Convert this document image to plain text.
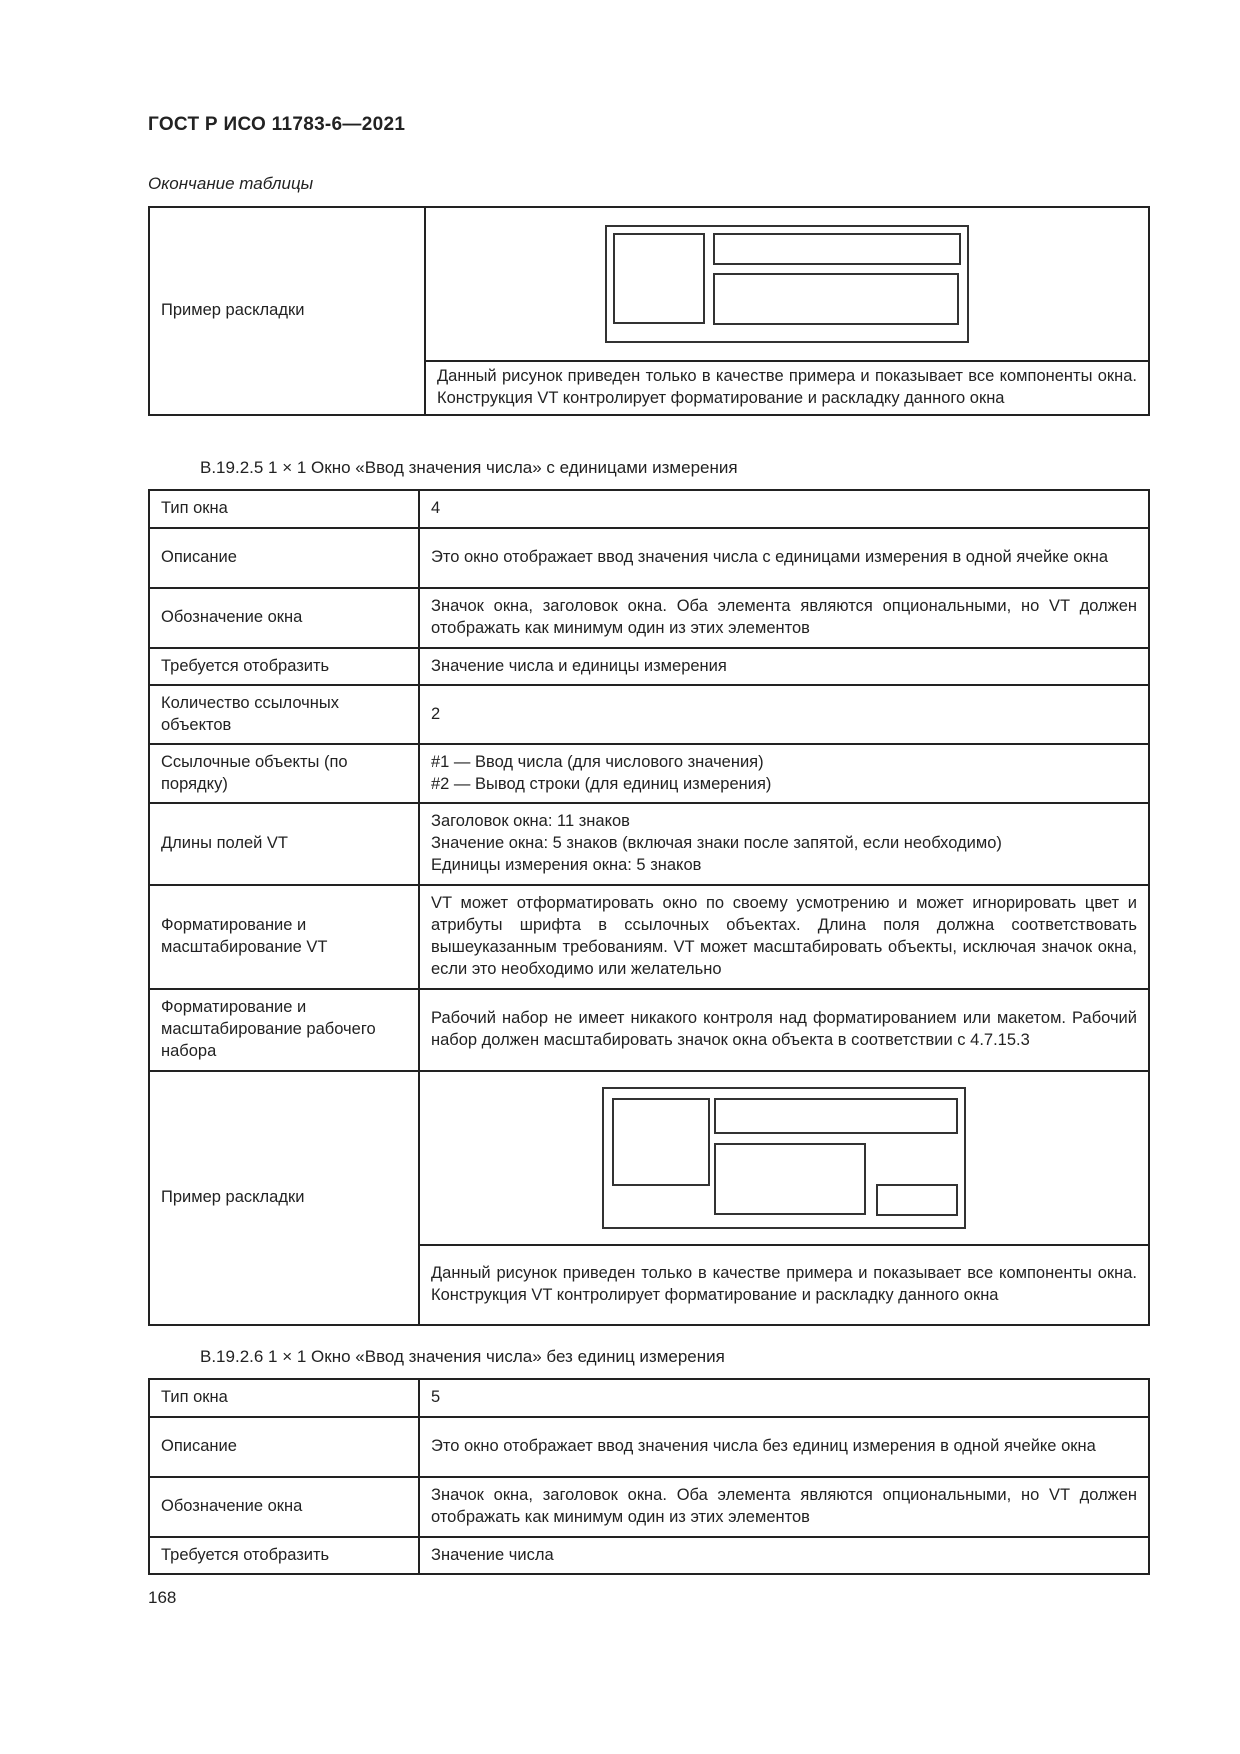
ГОСТ Р ИСО 11783-6—2021
Окончание таблицы
Пример раскладки	

Данный рисунок приведен только в качестве примера и показывает все компоненты окна. Конструкция VT контролирует форматирование и раскладку данного окна
B.19.2.5 1 × 1 Окно «Ввод значения числа» с единицами измерения
Тип окна	4
Описание	Это окно отображает ввод значения числа с единицами измерения в одной ячейке окна
Обозначение окна	Значок окна, заголовок окна. Оба элемента являются опциональными, но VT должен отображать как минимум один из этих элементов
Требуется отобразить	Значение числа и единицы измерения
Количество ссылочных объектов	2
Ссылочные объекты (по порядку)	#1 — Ввод числа (для числового значения)
#2 — Вывод строки (для единиц измерения)

Длины полей VT	Заголовок окна: 11 знаков
Значение окна: 5 знаков (включая знаки после запятой, если необходимо)
Единицы измерения окна: 5 знаков

Форматирование и масштабирование VT	VT может отформатировать окно по своему усмотрению и может игнорировать цвет и атрибуты шрифта в ссылочных объектах. Длина поля должна соответствовать вышеуказанным требованиям. VT может масштабировать объекты, исключая значок окна, если это необходимо или желательно
Форматирование и масштабирование рабочего набора	Рабочий набор не имеет никакого контроля над форматированием или макетом. Рабочий набор должен масштабировать значок окна объекта в соответствии с 4.7.15.3
Пример раскладки	

	Данный рисунок приведен только в качестве примера и показывает все компоненты окна. Конструкция VT контролирует форматирование и раскладку данного окна
B.19.2.6 1 × 1 Окно «Ввод значения числа» без единиц измерения
Тип окна	5
Описание	Это окно отображает ввод значения числа без единиц измерения в одной ячейке окна
Обозначение окна	Значок окна, заголовок окна. Оба элемента являются опциональными, но VT должен отображать как минимум один из этих элементов
Требуется отобразить	Значение числа
168
